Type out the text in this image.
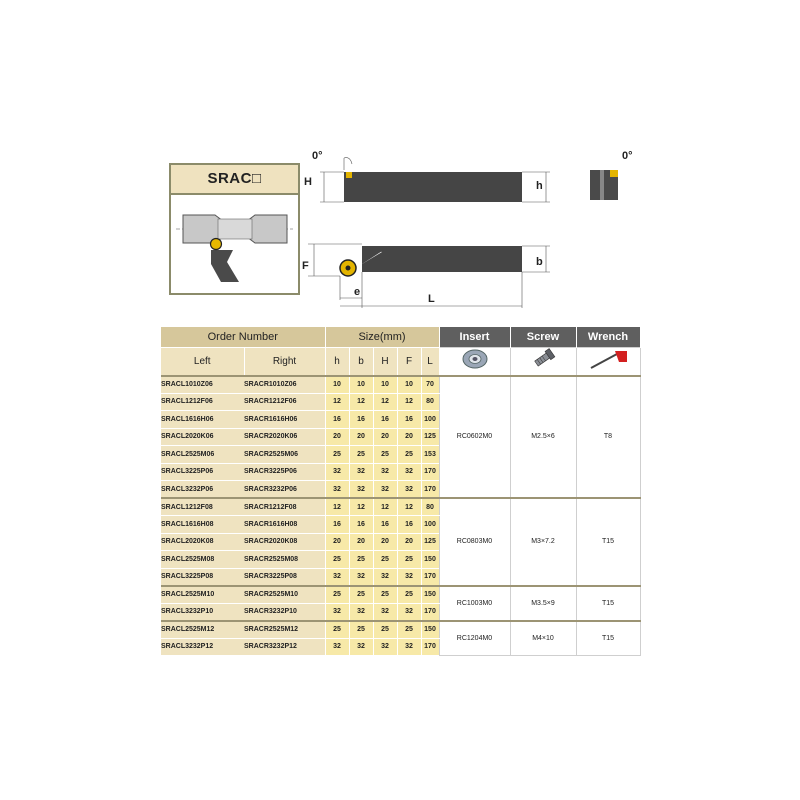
SRAC□
0°
H	h
F	b
e
L
0°
Order Number		Size(mm)					Insert	Screw	Wrench
Left	Right	h	b	H	F	L			
SRACL1010Z06	SRACR1010Z06	10	10	10	10	70	RC0602M0	M2.5×6	T8
SRACL1212F06	SRACR1212F06	12	12	12	12	80			
SRACL1616H06	SRACR1616H06	16	16	16	16	100			
SRACL2020K06	SRACR2020K06	20	20	20	20	125			
SRACL2525M06	SRACR2525M06	25	25	25	25	153			
SRACL3225P06	SRACR3225P06	32	32	32	32	170			
SRACL3232P06	SRACR3232P06	32	32	32	32	170			
SRACL1212F08	SRACR1212F08	12	12	12	12	80	RC0803M0	M3×7.2	T15
SRACL1616H08	SRACR1616H08	16	16	16	16	100			
SRACL2020K08	SRACR2020K08	20	20	20	20	125			
SRACL2525M08	SRACR2525M08	25	25	25	25	150			
SRACL3225P08	SRACR3225P08	32	32	32	32	170			
SRACL2525M10	SRACR2525M10	25	25	25	25	150	RC1003M0	M3.5×9	T15
SRACL3232P10	SRACR3232P10	32	32	32	32	170			
SRACL2525M12	SRACR2525M12	25	25	25	25	150	RC1204M0	M4×10	T15
SRACL3232P12	SRACR3232P12	32	32	32	32	170			
